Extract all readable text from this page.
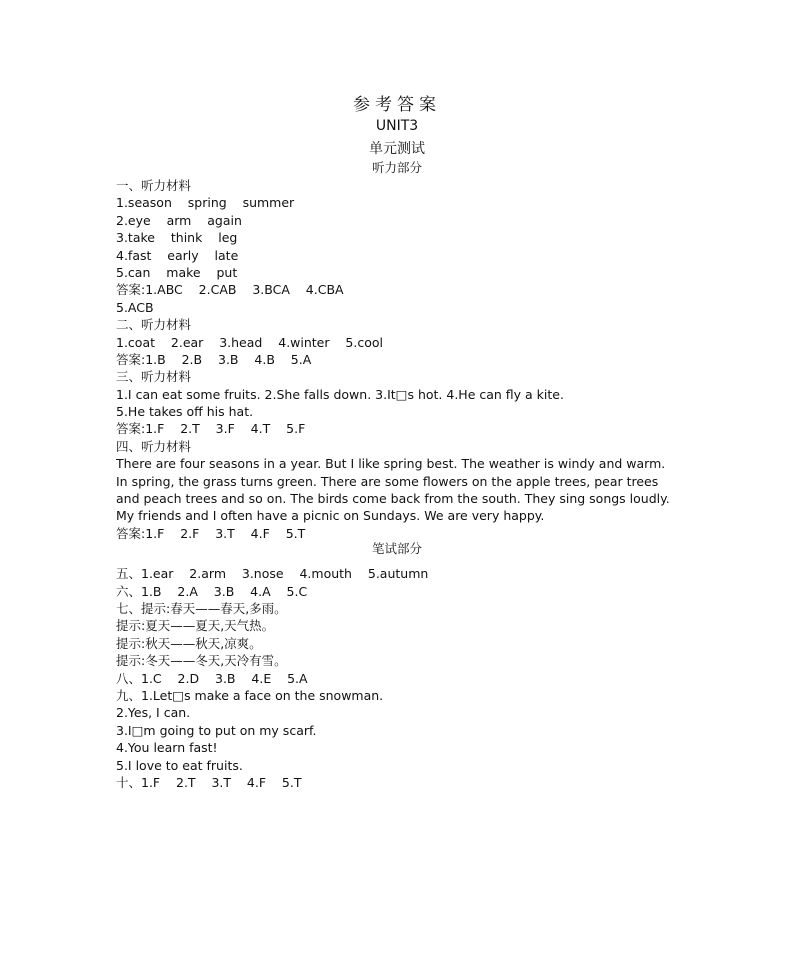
参考答案
UNIT3
单元测试
听力部分
一、听力材料
1.season    spring    summer
2.eye    arm    again
3.take    think    leg
4.fast    early    late
5.can    make    put
答案:1.ABC    2.CAB    3.BCA    4.CBA
5.ACB
二、听力材料
1.coat    2.ear    3.head    4.winter    5.cool
答案:1.B    2.B    3.B    4.B    5.A
三、听力材料
1.I can eat some fruits. 2.She falls down. 3.It□s hot. 4.He can fly a kite.
5.He takes off his hat.
答案:1.F    2.T    3.F    4.T    5.F
四、听力材料
There are four seasons in a year. But I like spring best. The weather is windy and warm. In spring, the grass turns green. There are some flowers on the apple trees, pear trees and peach trees and so on. The birds come back from the south. They sing songs loudly. My friends and I often have a picnic on Sundays. We are very happy.
答案:1.F    2.F    3.T    4.F    5.T
五、1.ear    2.arm    3.nose    4.mouth    5.autumn
六、1.B    2.A    3.B    4.A    5.C
七、提示:春天——春天,多雨。
提示:夏天——夏天,天气热。
提示:秋天——秋天,凉爽。
提示:冬天——冬天,天冷有雪。
八、1.C    2.D    3.B    4.E    5.A
九、1.Let□s make a face on the snowman.
2.Yes, I can.
3.I□m going to put on my scarf.
4.You learn fast!
5.I love to eat fruits.
十、1.F    2.T    3.T    4.F    5.T
笔试部分
